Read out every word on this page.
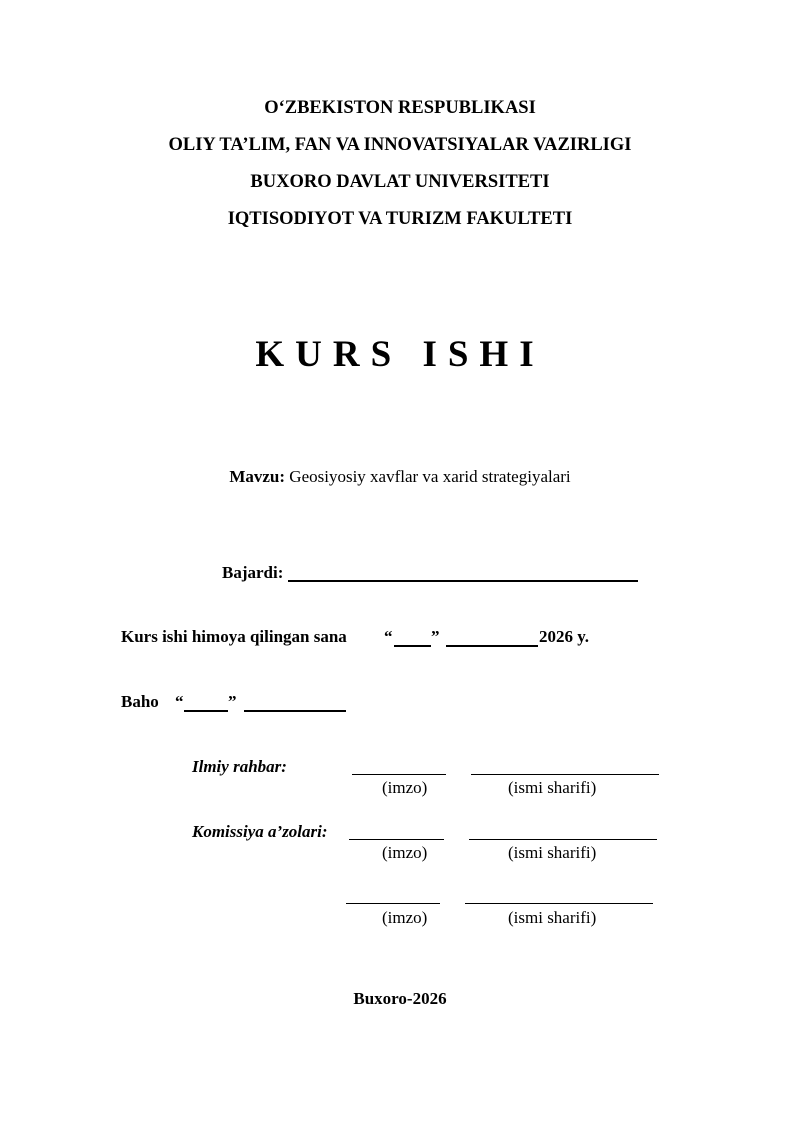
O‘ZBEKISTON RESPUBLIKASI
OLIY TA’LIM, FAN VA INNOVATSIYALAR VAZIRLIGI
BUXORO DAVLAT UNIVERSITETI
IQTISODIYOT VA TURIZM FAKULTETI
KURS ISHI
Mavzu: Geosiyosiy xavflar va xarid strategiyalari
Bajardi:
Kurs ishi himoya qilingan sana “ ”	2026 y.
Baho “	”
Ilmiy rahbar:
(imzo)	(ismi sharifi)
Komissiya a’zolari:
(imzo)	(ismi sharifi)
(imzo)	(ismi sharifi)
Buxoro-2026
